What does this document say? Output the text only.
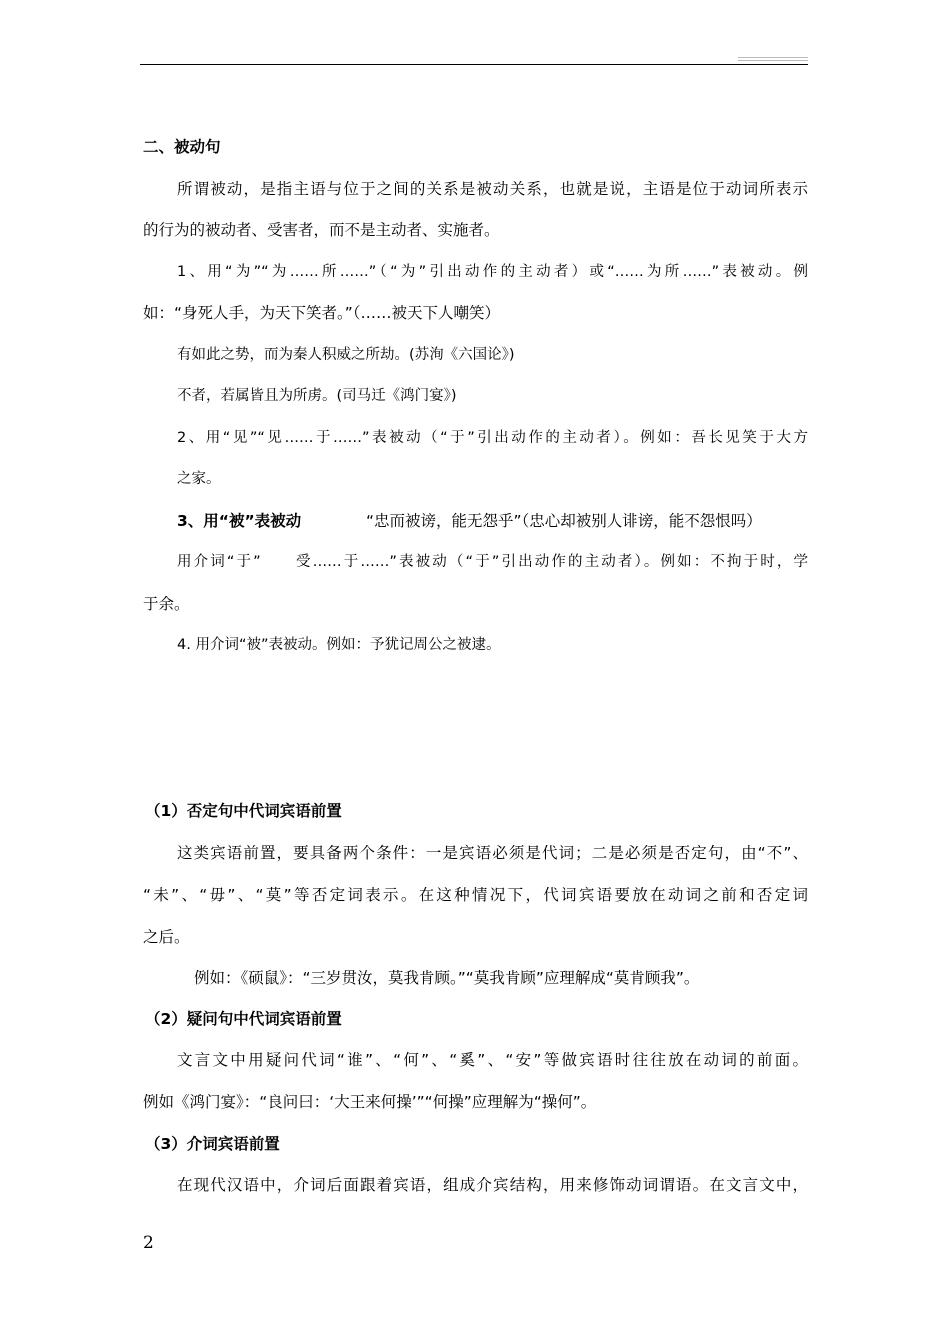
二、被动句
所谓被动，是指主语与位于之间的关系是被动关系，也就是说，主语是位于动词所表示
的行为的被动者、受害者，而不是主动者、实施者。
1、用“为”“为……所……”（“为”引出动作的主动者）或“……为所……”表被动。例
如：“身死人手，为天下笑者。”（……被天下人嘲笑）
有如此之势，而为秦人积威之所劫。(苏洵《六国论》)
不者，若属皆且为所虏。(司马迁《鸿门宴》)
2、用“见”“见……于……”表被动（“于”引出动作的主动者）。例如：吾长见笑于大方
之家。
3、用“被”表被动	“忠而被谤，能无怨乎”（忠心却被别人诽谤，能不怨恨吗）
用介词“于”　　受……于……”表被动（“于”引出动作的主动者）。例如：不拘于时，学
于余。
4. 用介词“被”表被动。例如：予犹记周公之被逮。
（1）否定句中代词宾语前置
这类宾语前置，要具备两个条件：一是宾语必须是代词；二是必须是否定句，由“不”、
“未”、“毋”、“莫”等否定词表示。在这种情况下，代词宾语要放在动词之前和否定词
之后。
例如：《硕鼠》：“三岁贯汝，莫我肯顾。”“莫我肯顾”应理解成“莫肯顾我”。
（2）疑问句中代词宾语前置
文言文中用疑问代词“谁”、“何”、“奚”、“安”等做宾语时往往放在动词的前面。
例如《鸿门宴》：“良问曰：‘大王来何操’”“何操”应理解为“操何”。
（3）介词宾语前置
在现代汉语中，介词后面跟着宾语，组成介宾结构，用来修饰动词谓语。在文言文中，
2
